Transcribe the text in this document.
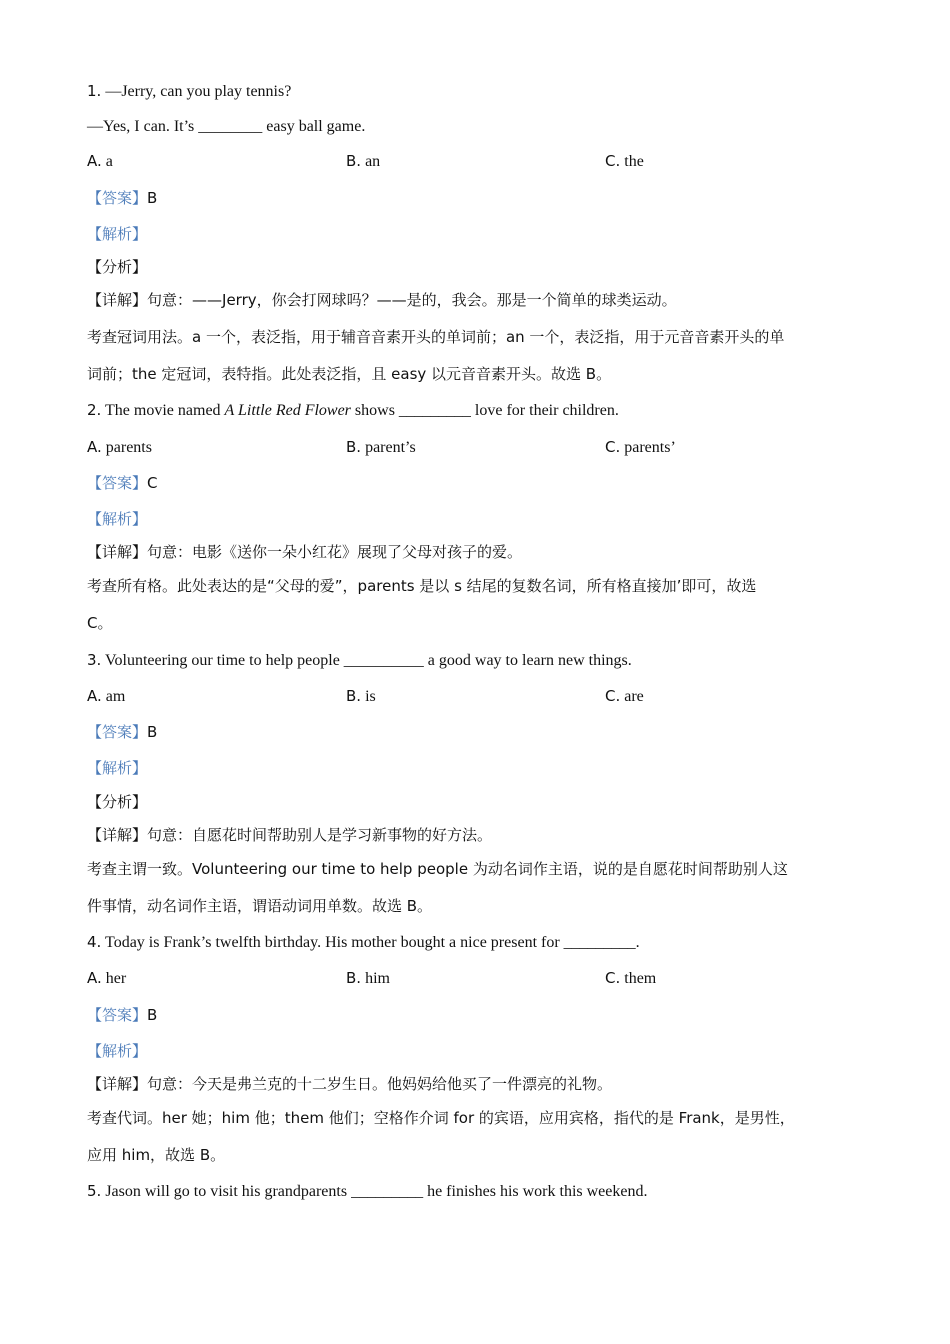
1. —Jerry, can you play tennis?
—Yes, I can. It’s ________ easy ball game.
A. a	B. an	C. the
【答案】B
【解析】
【分析】
【详解】句意：——Jerry，你会打网球吗？——是的，我会。那是一个简单的球类运动。
考查冠词用法。a 一个，表泛指，用于辅音音素开头的单词前；an 一个，表泛指，用于元音音素开头的单
词前；the 定冠词，表特指。此处表泛指，且 easy 以元音音素开头。故选 B。
2. The movie named A Little Red Flower shows _________ love for their children.
A. parents	B. parent’s	C. parents’
【答案】C
【解析】
【详解】句意：电影《送你一朵小红花》展现了父母对孩子的爱。
考查所有格。此处表达的是“父母的爱”，parents 是以 s 结尾的复数名词，所有格直接加’即可，故选
C。
3. Volunteering our time to help people __________ a good way to learn new things.
A. am	B. is	C. are
【答案】B
【解析】
【分析】
【详解】句意：自愿花时间帮助别人是学习新事物的好方法。
考查主谓一致。Volunteering our time to help people 为动名词作主语，说的是自愿花时间帮助别人这
件事情，动名词作主语，谓语动词用单数。故选 B。
4. Today is Frank’s twelfth birthday. His mother bought a nice present for _________.
A. her	B. him	C. them
【答案】B
【解析】
【详解】句意：今天是弗兰克的十二岁生日。他妈妈给他买了一件漂亮的礼物。
考查代词。her 她；him 他；them 他们；空格作介词 for 的宾语，应用宾格，指代的是 Frank，是男性，
应用 him，故选 B。
5. Jason will go to visit his grandparents _________ he finishes his work this weekend.
